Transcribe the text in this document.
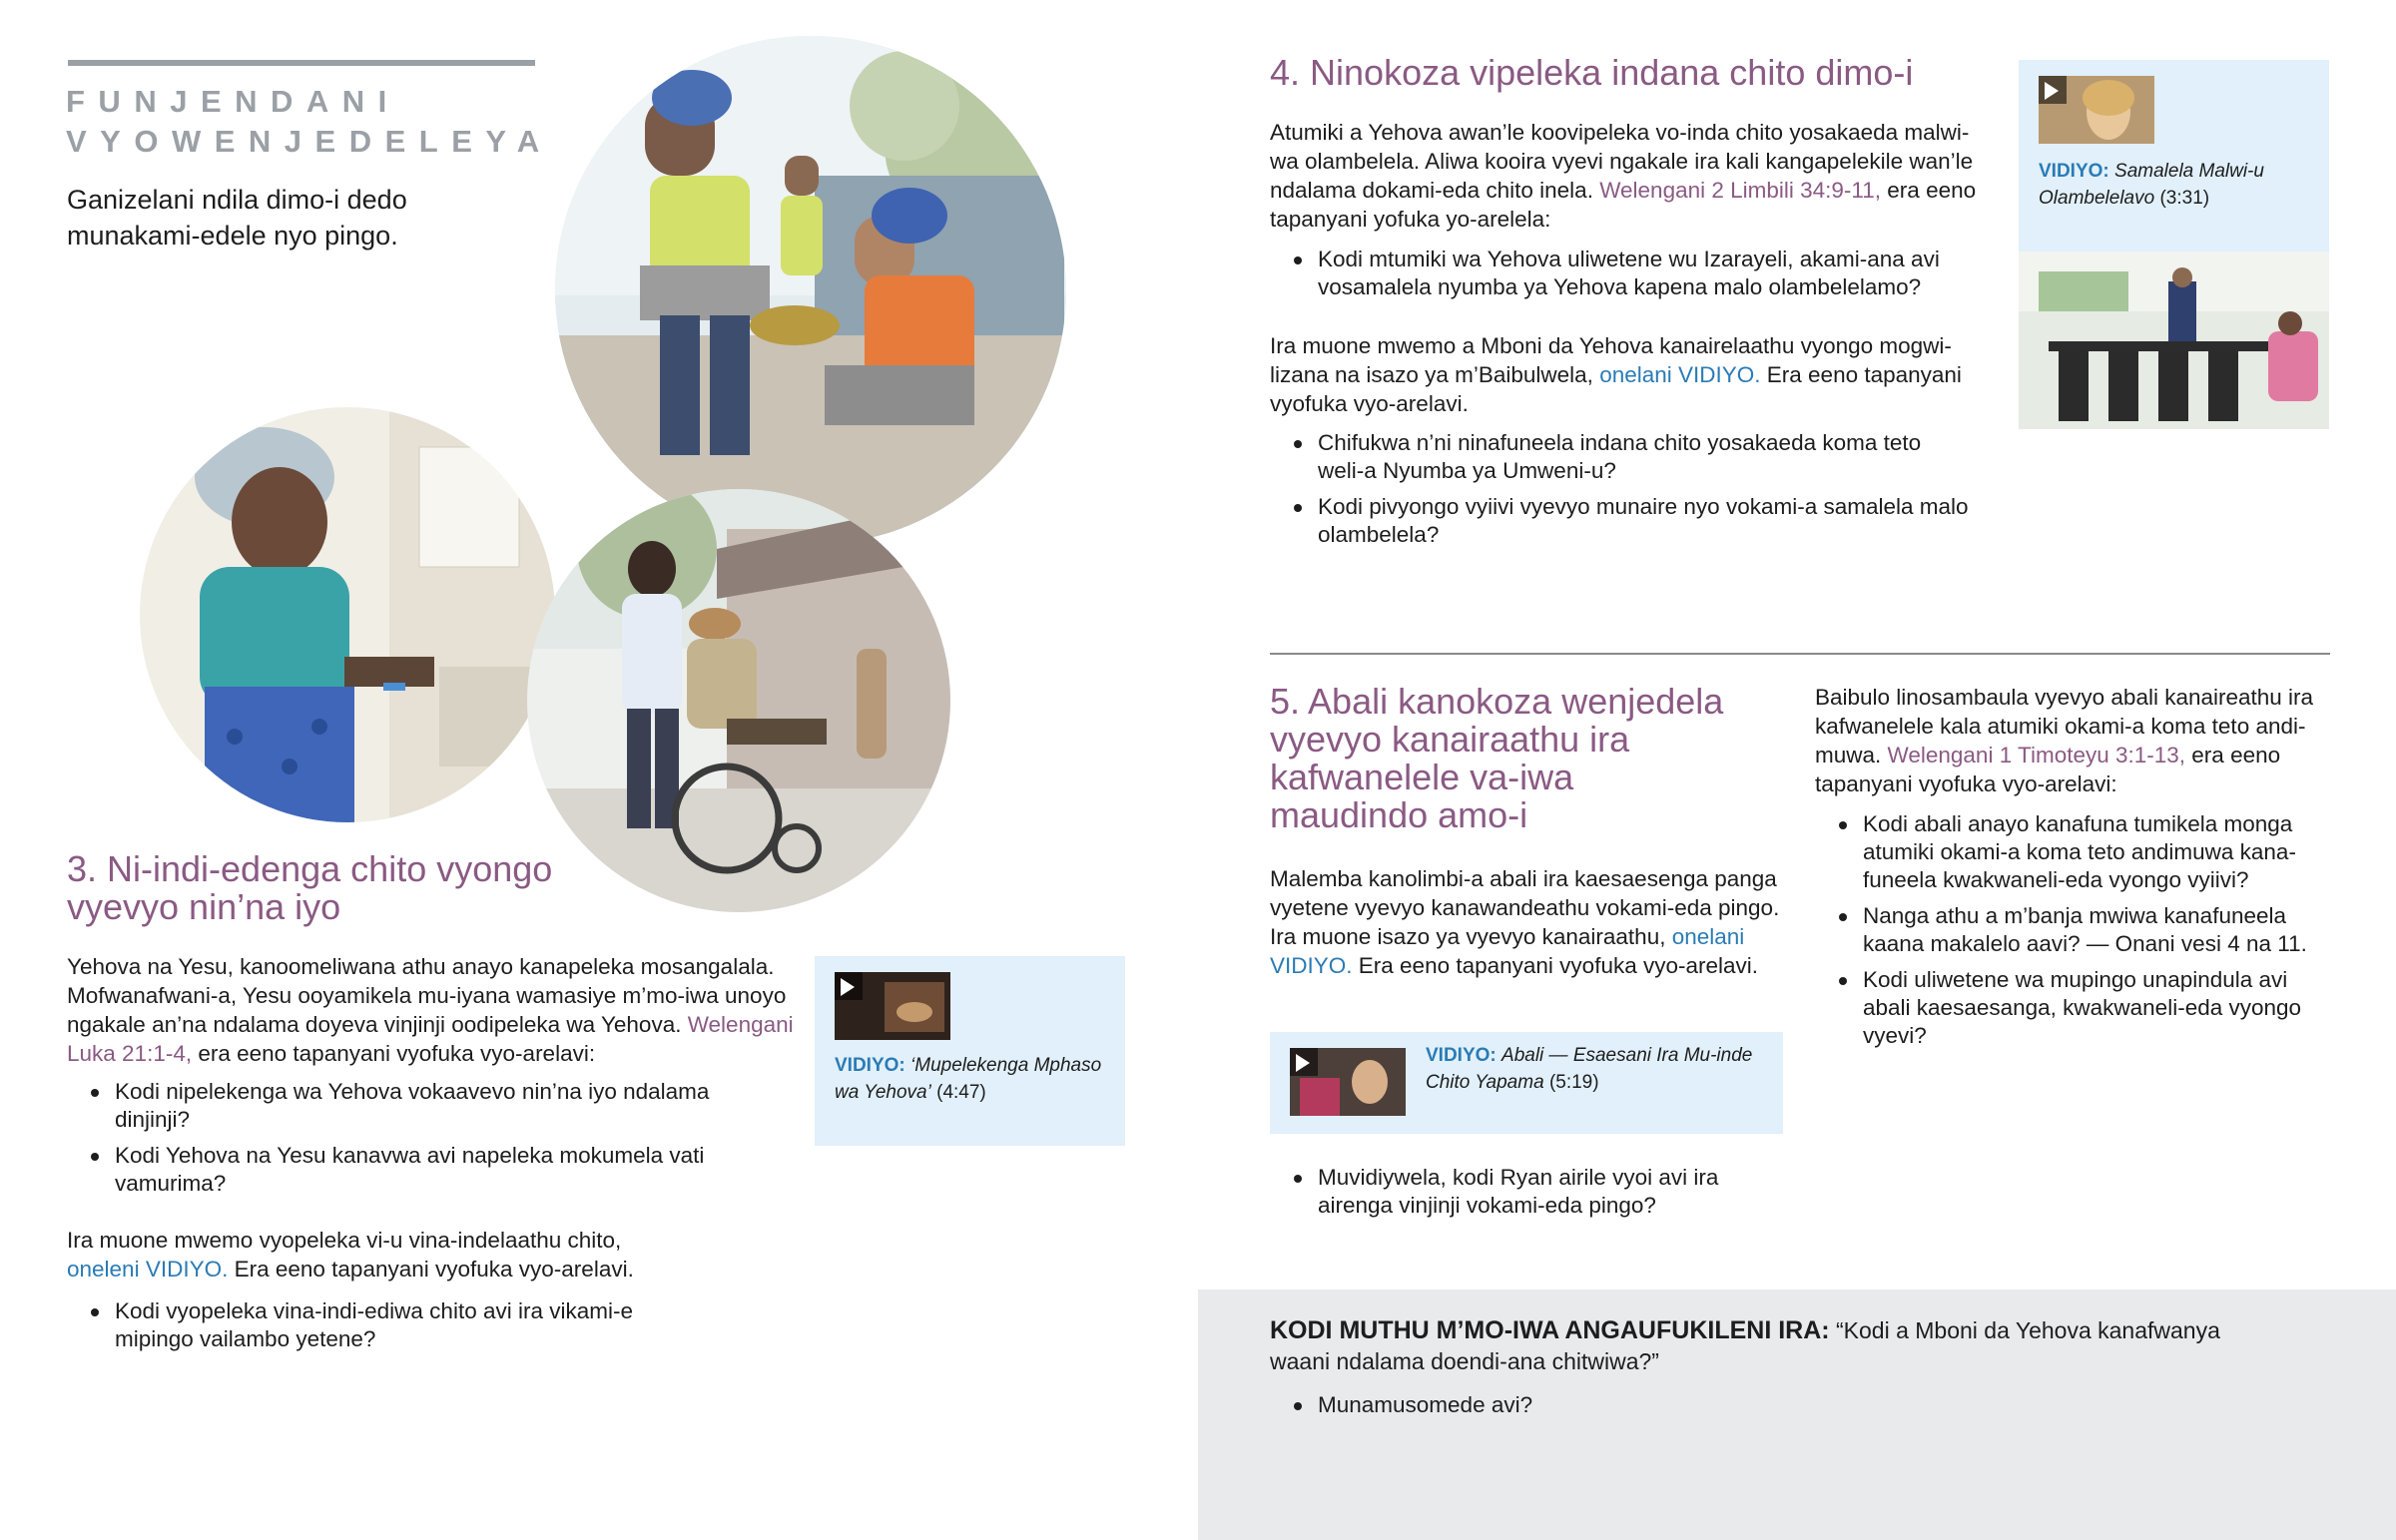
FUNJENDANI
VYOWENJEDELEYA

Ganizelani ndila dimo-i dedo munakami-edele nyo pingo.

3. Ni-indi-edenga chito vyongo vyevyo nin’na iyo

Yehova na Yesu, kanoomeliwana athu anayo kanapeleka mosangalala. Mofwanafwani-a, Yesu ooyamikela mu-iyana wamasiye m’mo-iwa unoyo ngakale an’na ndalama doyeva vinjinji oodipeleka wa Yehova. Welengani Luka 21:1-4, era eeno tapanyani vyofuka vyo-arelavi:

Kodi nipelekenga wa Yehova vokaavevo nin’na iyo ndalama dinjinji?
Kodi Yehova na Yesu kanavwa avi napeleka mokumela vati vamurima?

Ira muone mwemo vyopeleka vi-u vina-indelaathu chito,
oneleni VIDIYO. Era eeno tapanyani vyofuka vyo-arelavi.

Kodi vyopeleka vina-indi-ediwa chito avi ira vikami-e mipingo vailambo yetene?
VIDIYO: ‘Mupelekenga Mphaso wa Yehova’ (4:47)
4. Ninokoza vipeleka indana chito dimo-i

Atumiki a Yehova awan’le koovipeleka vo-inda chito yosakaeda malwiwa olambelela. Aliwa kooira vyevi ngakale ira kali kangapelekile wan’le ndalama dokami-eda chito inela. Welengani 2 Limbili 34:9-11, era eeno tapanyani yofuka yo-arelela:

Kodi mtumiki wa Yehova uliwetene wu Izarayeli, akami-ana avi vosamalela nyumba ya Yehova kapena malo olambelelamo?

Ira muone mwemo a Mboni da Yehova kanairelaathu vyongo mogwilizana na isazo ya m’Baibulwela, onelani VIDIYO. Era eeno tapanyani vyofuka vyo-arelavi.

Chifukwa n’ni ninafuneela indana chito yosakaeda koma teto weli-a Nyumba ya Umweni-u?
Kodi pivyongo vyiivi vyevyo munaire nyo vokami-a samalela malo olambelela?
VIDIYO: Samalela Malwi-u Olambelelavo (3:31)
5. Abali kanokoza wenjedela vyevyo kanairaathu ira kafwanelele va-iwa maudindo amo-i

Malemba kanolimbi-a abali ira kaesaesenga panga vyetene vyevyo kanawandeathu vokami-eda pingo. Ira muone isazo ya vyevyo kanairaathu, onelani VIDIYO. Era eeno tapanyani vyofuka vyo-arelavi.

VIDIYO: Abali — Esaesani Ira Mu-inde Chito Yapama (5:19)
Muvidiywela, kodi Ryan airile vyoi avi ira airenga vinjinji vokami-eda pingo?

Baibulo linosambaula vyevyo abali kanaireathu ira kafwanelele kala atumiki okami-a koma teto andimuwa. Welengani 1 Timoteyu 3:1-13, era eeno tapanyani vyofuka vyo-arelavi:

Kodi abali anayo kanafuna tumikela monga atumiki okami-a koma teto andimuwa kanafuneela kwakwaneli-eda vyongo vyiivi?
Nanga athu a m’banja mwiwa kanafuneela kaana makalelo aavi? — Onani vesi 4 na 11.
Kodi uliwetene wa mupingo unapindula avi abali kaesaesanga, kwakwaneli-eda vyongo vyevi?

KODI MUTHU M’MO-IWA ANGAUFUKILENI IRA: “Kodi a Mboni da Yehova kanafwanya waani ndalama doendi-ana chitwiwa?”

Munamusomede avi?
